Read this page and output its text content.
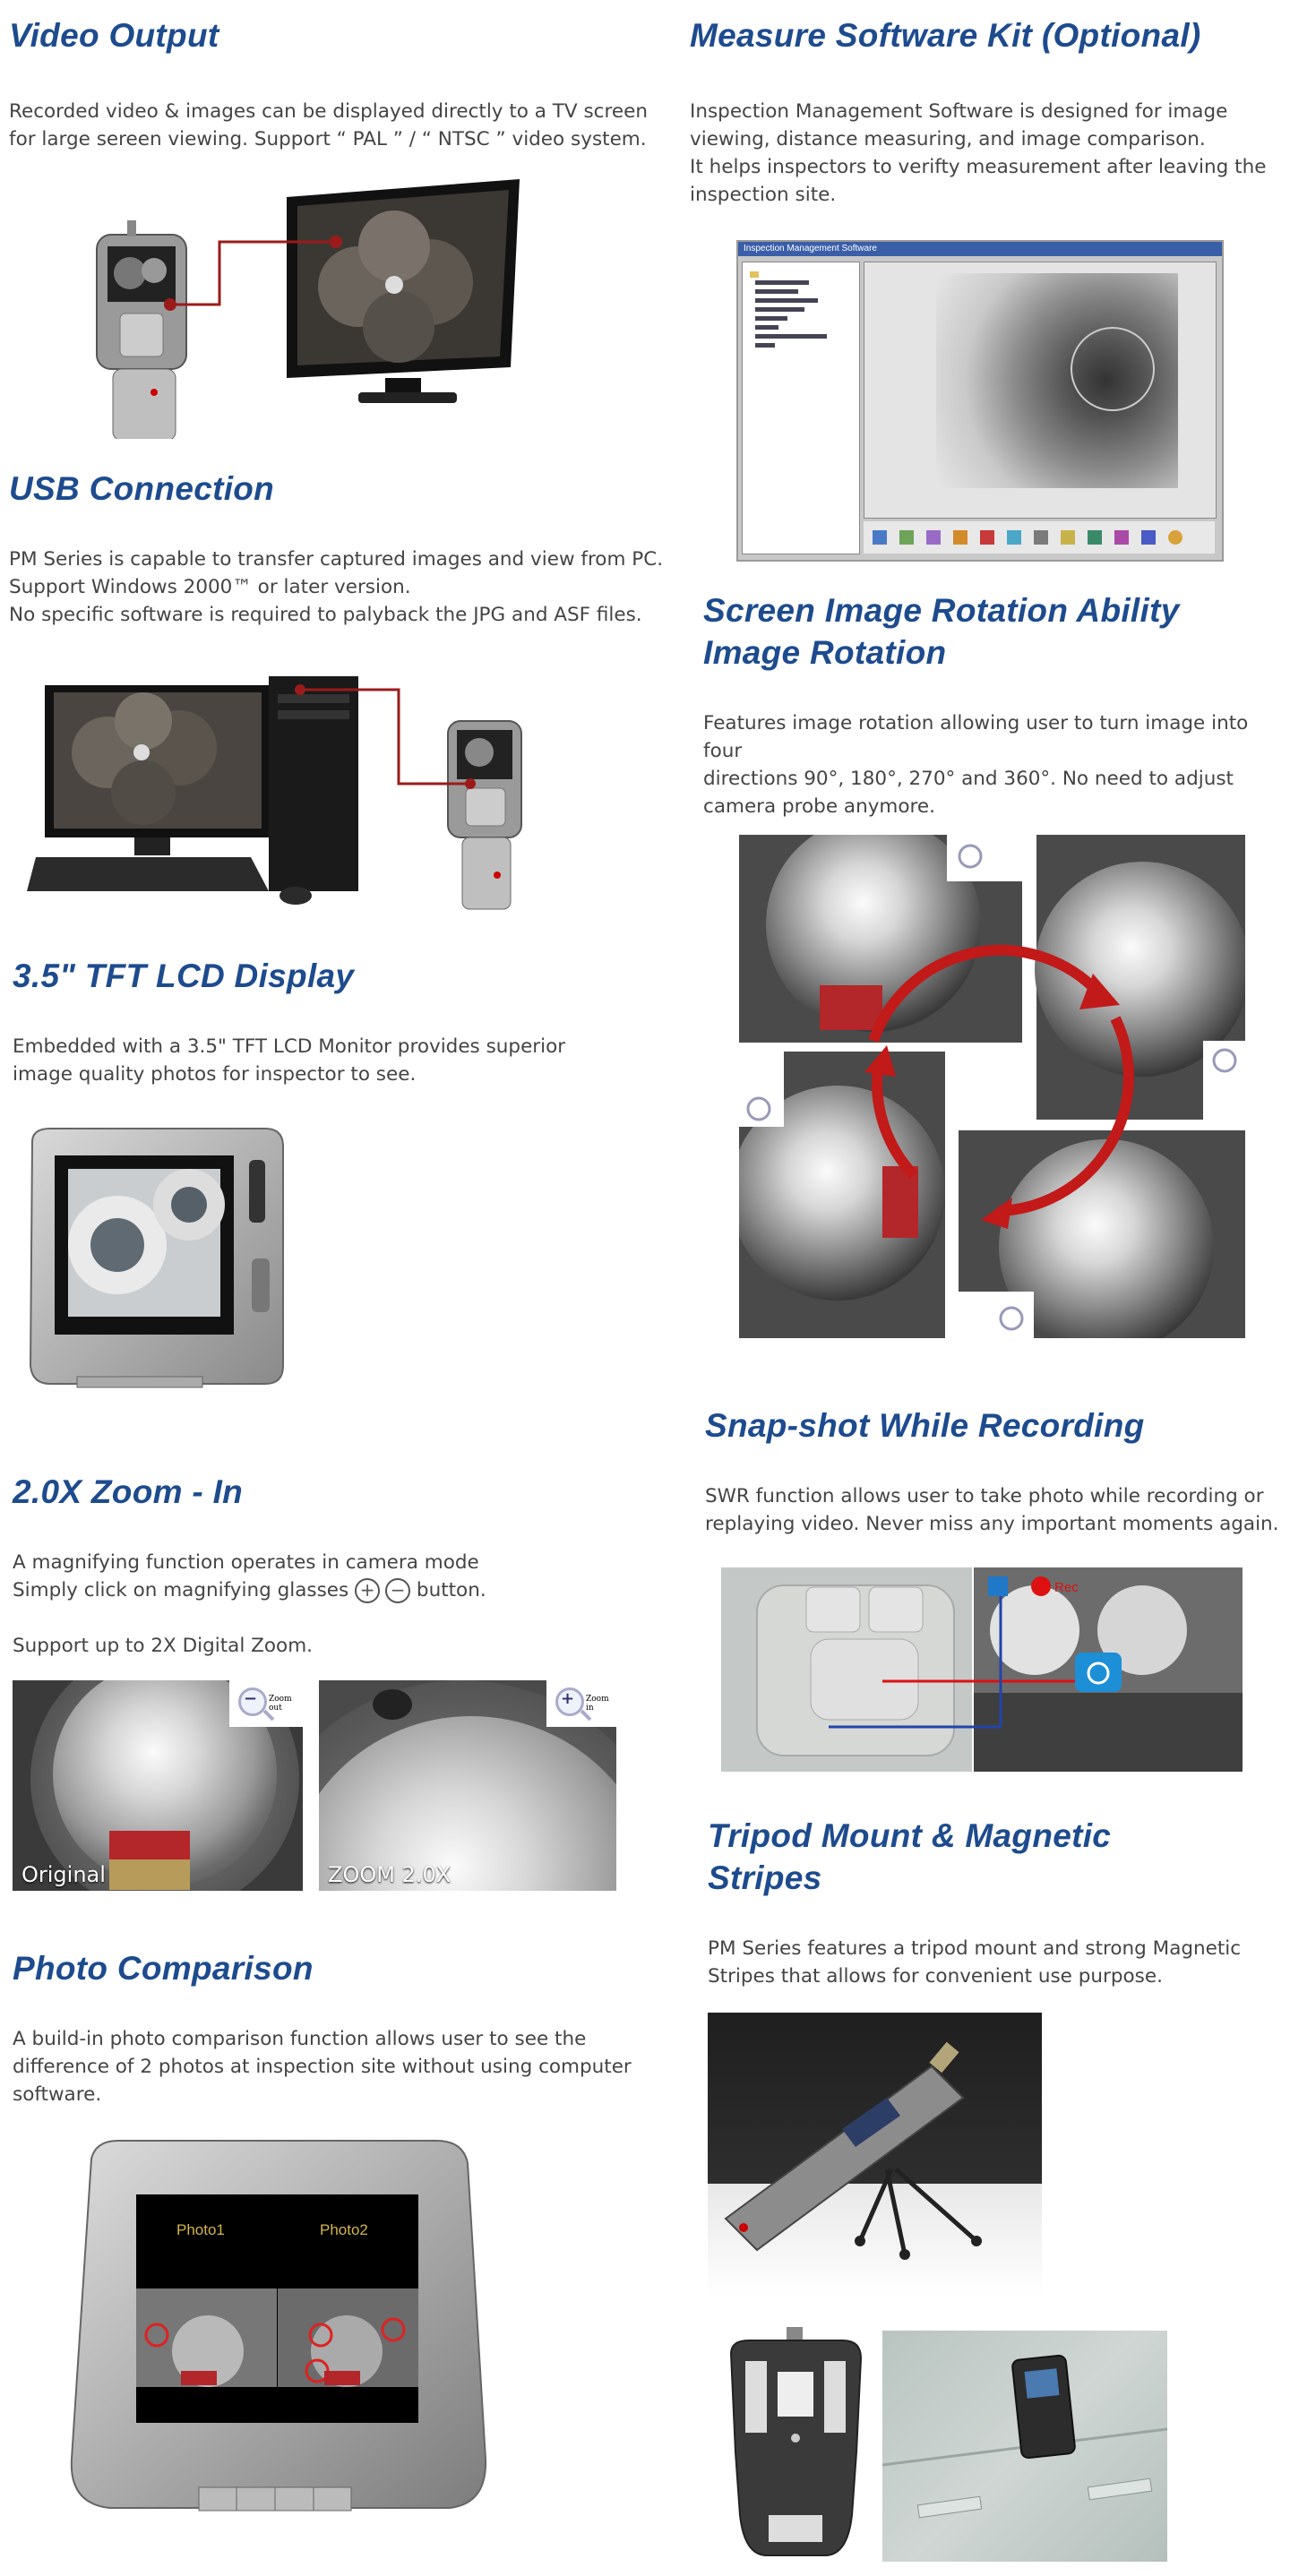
Video Output

Recorded video & images can be displayed directly to a TV screen
for large sereen viewing. Support “ PAL ” / “ NTSC ” video system.

USB Connection

PM Series is capable to transfer captured images and view from PC.
Support Windows 2000™ or later version.
No specific software is required to palyback the JPG and ASF files.

3.5" TFT LCD Display

Embedded with a 3.5" TFT LCD Monitor provides superior
image quality photos for inspector to see.

2.0X Zoom - In

A magnifying function operates in camera mode

Simply click on magnifying glasses + − button.

Support up to 2X Digital Zoom.

− Zoom out
Original
+ Zoom in
ZOOM 2.0X
Photo Comparison

A build-in photo comparison function allows user to see the
difference of 2 photos at inspection site without using computer
software.

Photo1	Photo2
Measure Software Kit (Optional)

Inspection Management Software is designed for image
viewing, distance measuring, and image comparison.
It helps inspectors to verifty measurement after leaving the
inspection site.

Inspection Management Software
Screen Image Rotation Ability
Image Rotation

Features image rotation allowing user to turn image into four
directions 90°, 180°, 270° and 360°. No need to adjust
camera probe anymore.

Snap-shot While Recording

SWR function allows user to take photo while recording or
replaying video. Never miss any important moments again.

Rec
Tripod Mount & Magnetic
Stripes

PM Series features a tripod mount and strong Magnetic
Stripes that allows for convenient use purpose.
